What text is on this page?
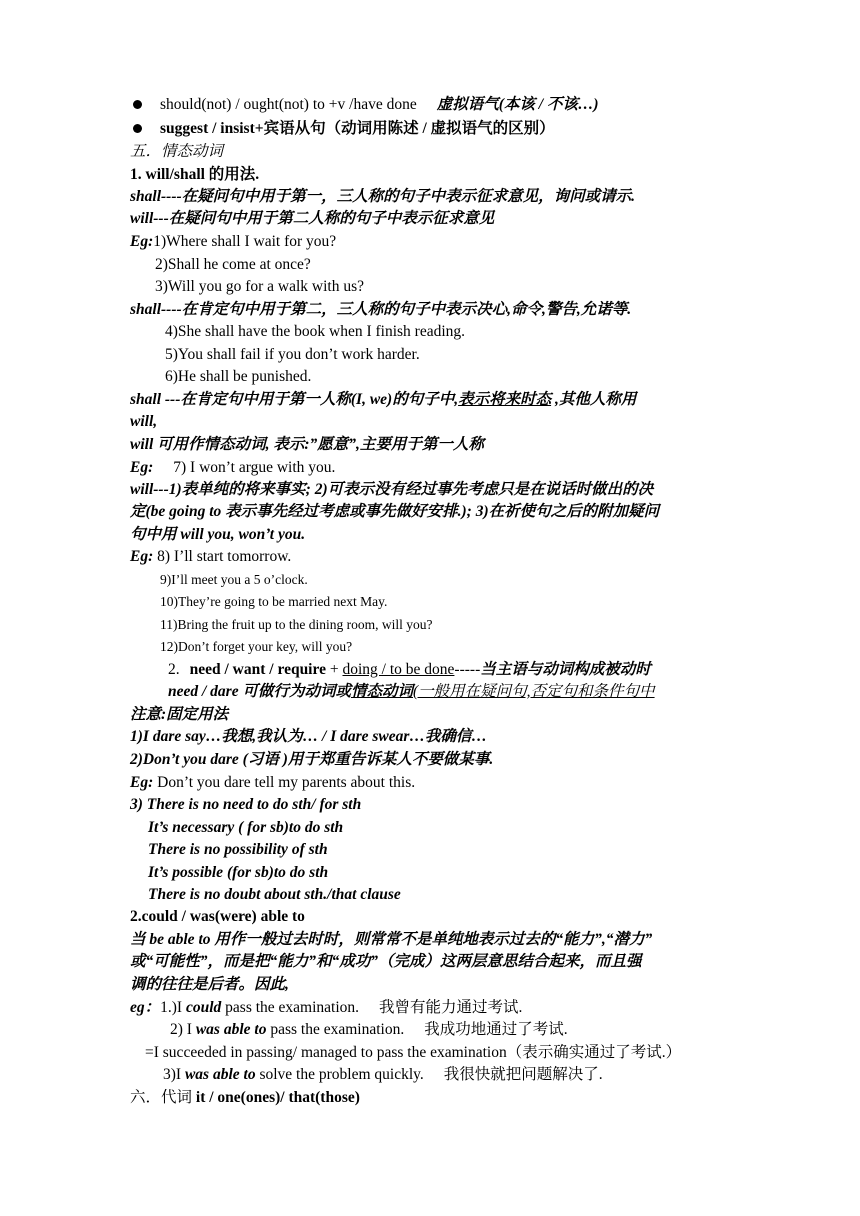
should(not) / ought(not) to +v /have done 虚拟语气(本该 / 不该…)
suggest / insist+宾语从句（动词用陈述 / 虚拟语气的区别）
五．情态动词
1. will/shall 的用法.
shall----在疑问句中用于第一，三人称的句子中表示征求意见，询问或请示.
will---在疑问句中用于第二人称的句子中表示征求意见
Eg:1)Where shall I wait for you?
2)Shall he come at once?
3)Will you go for a walk with us?
shall----在肯定句中用于第二，三人称的句子中表示决心,命令,警告,允诺等.
4)She shall have the book when I finish reading.
5)You shall fail if you don’t work harder.
6)He shall be punished.
shall ---在肯定句中用于第一人称(I, we)的句子中,表示将来时态 ,其他人称用
will,
will 可用作情态动词, 表示:”愿意”,主要用于第一人称
Eg: 7) I won’t argue with you.
will---1)表单纯的将来事实; 2)可表示没有经过事先考虑只是在说话时做出的决
定(be going to 表示事先经过考虑或事先做好安排.); 3)在祈使句之后的附加疑问
句中用 will you, won’t you.
Eg: 8) I’ll start tomorrow.
9)I’ll meet you a 5 o’clock.
10)They’re going to be married next May.
11)Bring the fruit up to the dining room, will you?
12)Don’t forget your key, will you?
2. need / want / require + doing / to be done-----当主语与动词构成被动时
need / dare 可做行为动词或情态动词(一般用在疑问句,否定句和条件句中
注意:固定用法
1)I dare say…我想,我认为… / I dare swear…我确信…
2)Don’t you dare (习语 )用于郑重告诉某人不要做某事.
Eg: Don’t you dare tell my parents about this.
3) There is no need to do sth/ for sth
It’s necessary ( for sb)to do sth
There is no possibility of sth
It’s possible (for sb)to do sth
There is no doubt about sth./that clause
2.could / was(were) able to
当 be able to 用作一般过去时时，则常常不是单纯地表示过去的“能力”,“潜力”
或“可能性”，而是把“能力”和“成功”（完成）这两层意思结合起来，而且强
调的往往是后者。因此,
eg：1.)I could pass the examination. 我曾有能力通过考试.
2) I was able to pass the examination. 我成功地通过了考试.
=I succeeded in passing/ managed to pass the examination（表示确实通过了考试.）
3)I was able to solve the problem quickly. 我很快就把问题解决了.
六．代词 it / one(ones)/ that(those)
